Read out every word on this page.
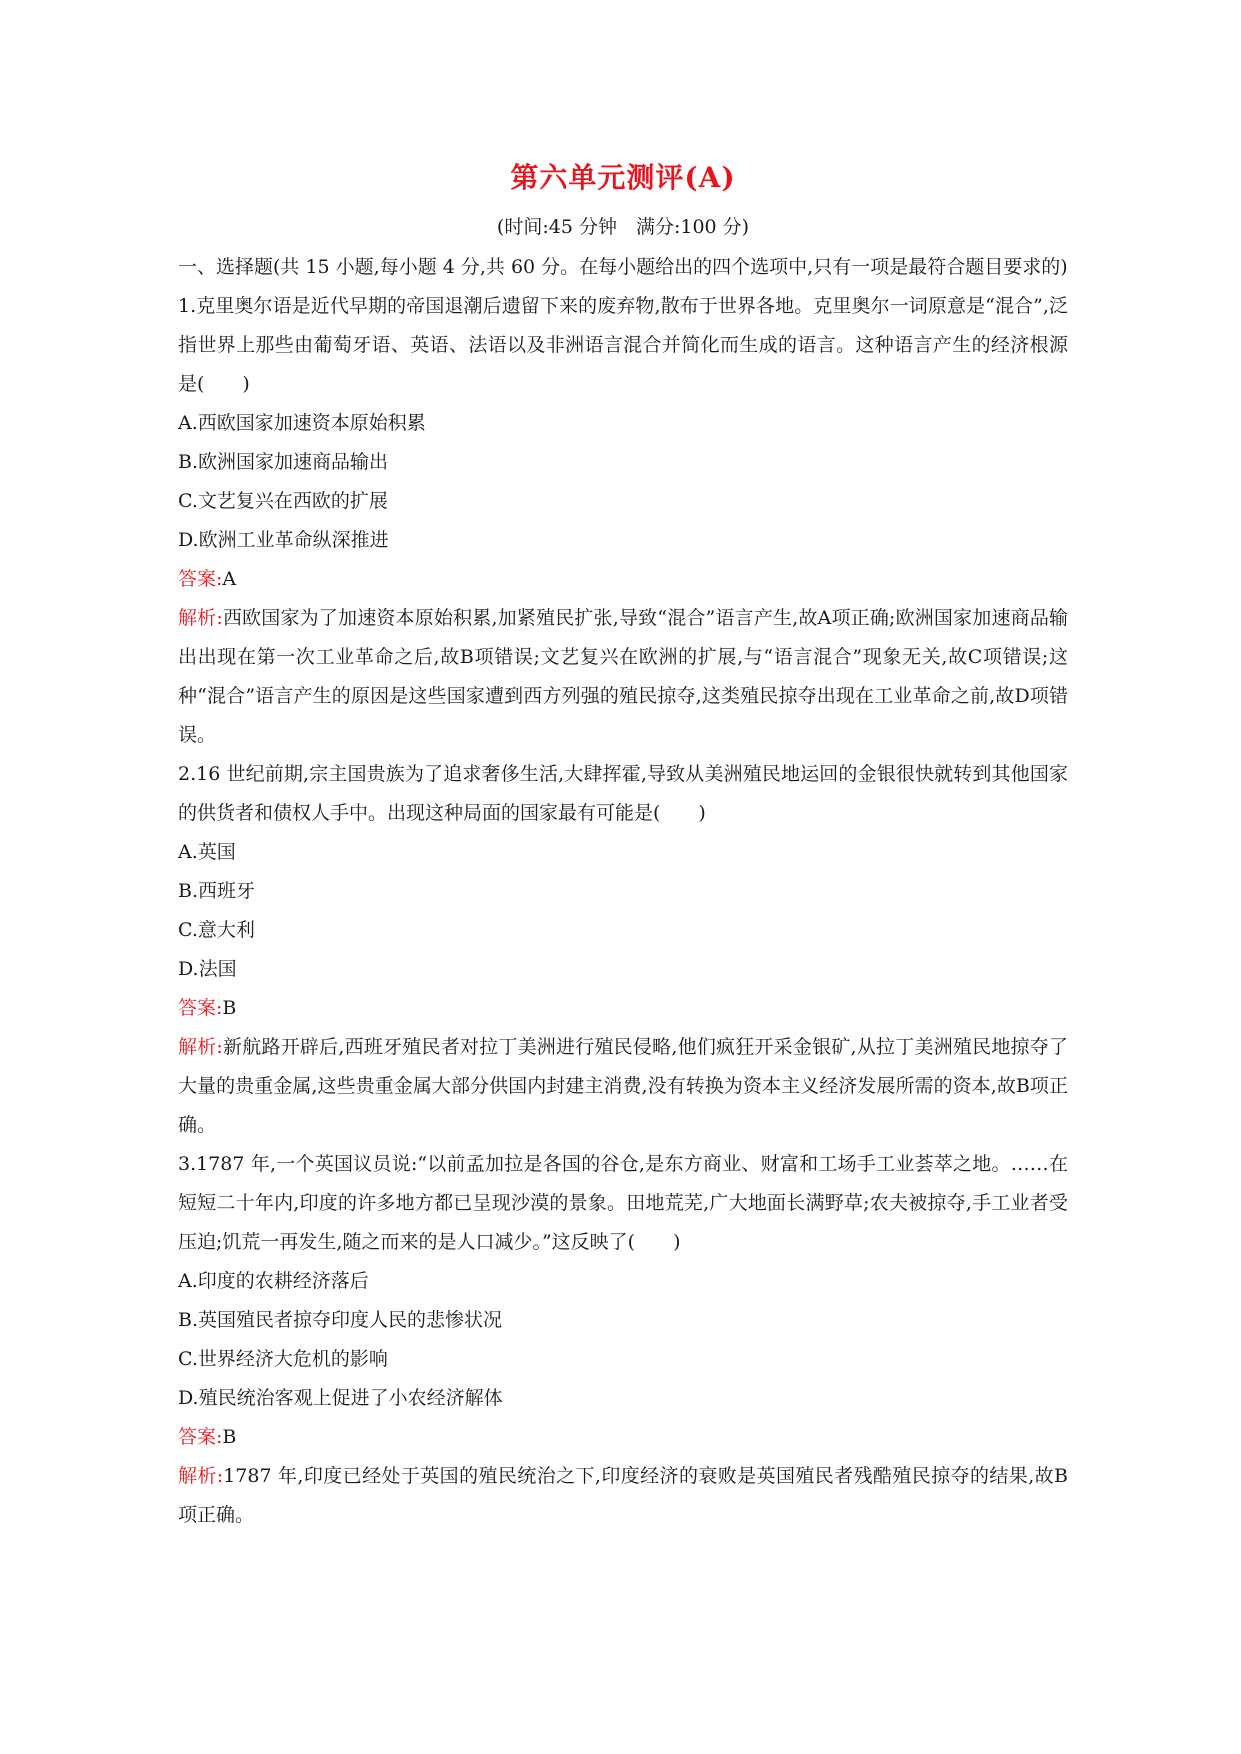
第六单元测评(A)
(时间:45 分钟　满分:100 分)

一、选择题(共 15 小题,每小题 4 分,共 60 分。在每小题给出的四个选项中,只有一项是最符合题目要求的)

1.克里奥尔语是近代早期的帝国退潮后遗留下来的废弃物,散布于世界各地。克里奥尔一词原意是“混合”,泛指世界上那些由葡萄牙语、英语、法语以及非洲语言混合并简化而生成的语言。这种语言产生的经济根源是(　　)

A.西欧国家加速资本原始积累

B.欧洲国家加速商品输出

C.文艺复兴在西欧的扩展

D.欧洲工业革命纵深推进

答案:A

解析:西欧国家为了加速资本原始积累,加紧殖民扩张,导致“混合”语言产生,故A项正确;欧洲国家加速商品输出出现在第一次工业革命之后,故B项错误;文艺复兴在欧洲的扩展,与“语言混合”现象无关,故C项错误;这种“混合”语言产生的原因是这些国家遭到西方列强的殖民掠夺,这类殖民掠夺出现在工业革命之前,故D项错误。

2.16 世纪前期,宗主国贵族为了追求奢侈生活,大肆挥霍,导致从美洲殖民地运回的金银很快就转到其他国家的供货者和债权人手中。出现这种局面的国家最有可能是(　　)

A.英国

B.西班牙

C.意大利

D.法国

答案:B

解析:新航路开辟后,西班牙殖民者对拉丁美洲进行殖民侵略,他们疯狂开采金银矿,从拉丁美洲殖民地掠夺了大量的贵重金属,这些贵重金属大部分供国内封建主消费,没有转换为资本主义经济发展所需的资本,故B项正确。

3.1787 年,一个英国议员说:“以前孟加拉是各国的谷仓,是东方商业、财富和工场手工业荟萃之地。……在短短二十年内,印度的许多地方都已呈现沙漠的景象。田地荒芜,广大地面长满野草;农夫被掠夺,手工业者受压迫;饥荒一再发生,随之而来的是人口减少。”这反映了(　　)

A.印度的农耕经济落后

B.英国殖民者掠夺印度人民的悲惨状况

C.世界经济大危机的影响

D.殖民统治客观上促进了小农经济解体

答案:B

解析:1787 年,印度已经处于英国的殖民统治之下,印度经济的衰败是英国殖民者残酷殖民掠夺的结果,故B项正确。
